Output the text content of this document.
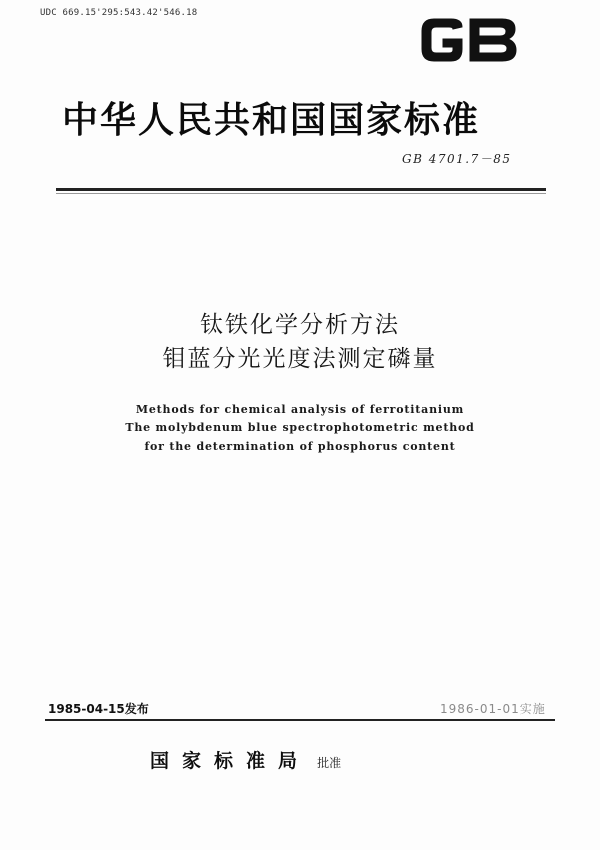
UDC 669.15'295:543.42'546.18
中华人民共和国国家标准
GB 4701.7－85
钛铁化学分析方法
钼蓝分光光度法测定磷量
Methods for chemical analysis of ferrotitanium
The molybdenum blue spectrophotometric method
for the determination of phosphorus content
1985-04-15发布	1986-01-01实施
国家标准局 批准
